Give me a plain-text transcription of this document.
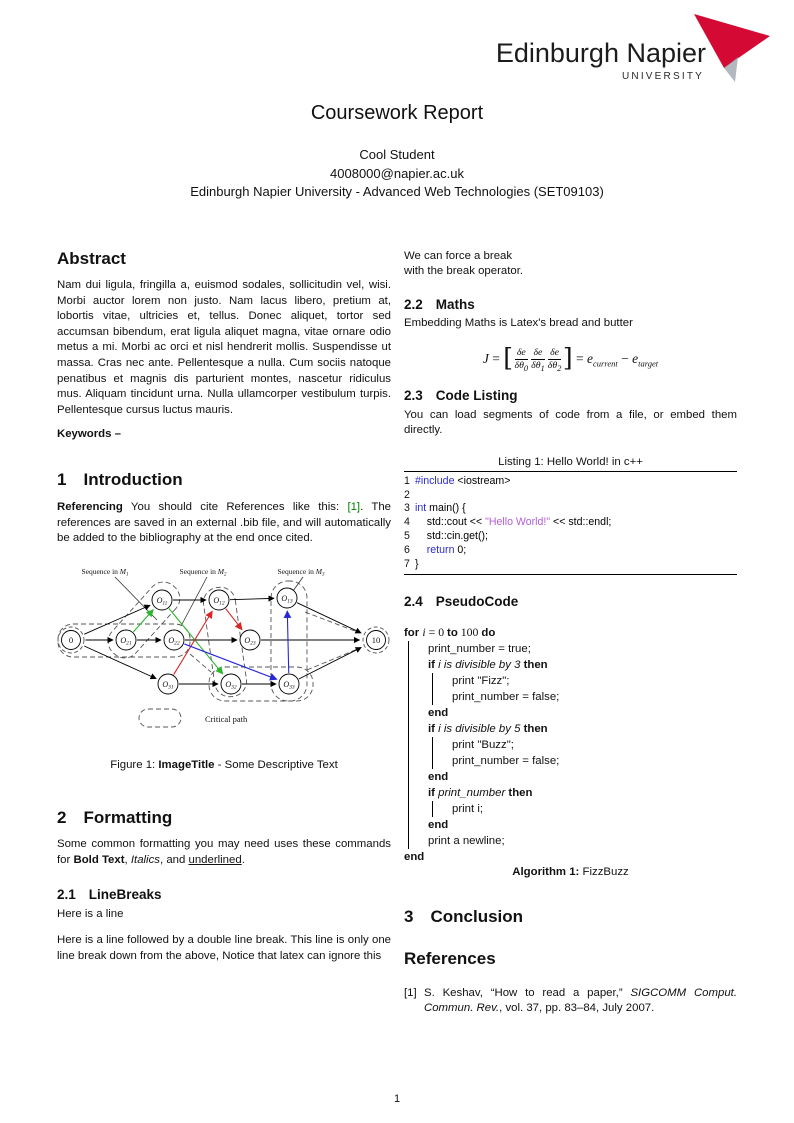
Edinburgh Napier
UNIVERSITY
Coursework Report
Cool Student
4008000@napier.ac.uk
Edinburgh Napier University - Advanced Web Technologies (SET09103)
Abstract

Nam dui ligula, fringilla a, euismod sodales, sollicitudin vel, wisi. Morbi auctor lorem non justo. Nam lacus libero, pretium at, lobortis vitae, ultricies et, tellus. Donec aliquet, tortor sed accumsan bibendum, erat ligula aliquet magna, vitae ornare odio metus a mi. Morbi ac orci et nisl hendrerit mollis. Suspendisse ut massa. Cras nec ante. Pellentesque a nulla. Cum sociis natoque penatibus et magnis dis parturient montes, nascetur ridiculus mus. Aliquam tincidunt urna. Nulla ullamcorper vestibulum turpis. Pellentesque cursus luctus mauris.

Keywords –

1 Introduction

Referencing You should cite References like this: [1]. The references are saved in an external .bib file, and will automatically be added to the bibliography at the end once cited.

0
O11	O12
O13
O21	O22	O23
O31	O32	O33
10
Sequence in $M_1$	Sequence in $M_2$	Sequence in $M_3$
Critical path
Figure 1: ImageTitle - Some Descriptive Text
2 Formatting

Some common formatting you may need uses these commands for Bold Text, Italics, and underlined.

2.1 LineBreaks

Here is a line

Here is a line followed by a double line break. This line is only one line break down from the above, Notice that latex can ignore this

We can force a break
with the break operator.

2.2 Maths

Embedding Maths is Latex's bread and butter

J = [ $\frac{\delta e}{\delta\theta_0} \frac{\delta e}{\delta\theta_1} \frac{\delta e}{\delta\theta_2}$ ] = $e_{current} - e_{target}$
2.3 Code Listing

You can load segments of code from a file, or embed them directly.

Listing 1: Hello World! in c++
1 #include <iostream>
2
3 int main() {
4    std::cout << "Hello World!" << std::endl;
5    std::cin.get();
6 return 0;
7 }
2.4 PseudoCode
for i = 0 to 100 do
print_number = true;
if i is divisible by 3 then
print "Fizz";
print_number = false;
end
if i is divisible by 5 then
print "Buzz";
print_number = false;
end
if print_number then
print i;
end
print a newline;
end
Algorithm 1: FizzBuzz
3 Conclusion
References
[1] S. Keshav, “How to read a paper,” SIGCOMM Comput. Commun. Rev., vol. 37, pp. 83–84, July 2007.
1
